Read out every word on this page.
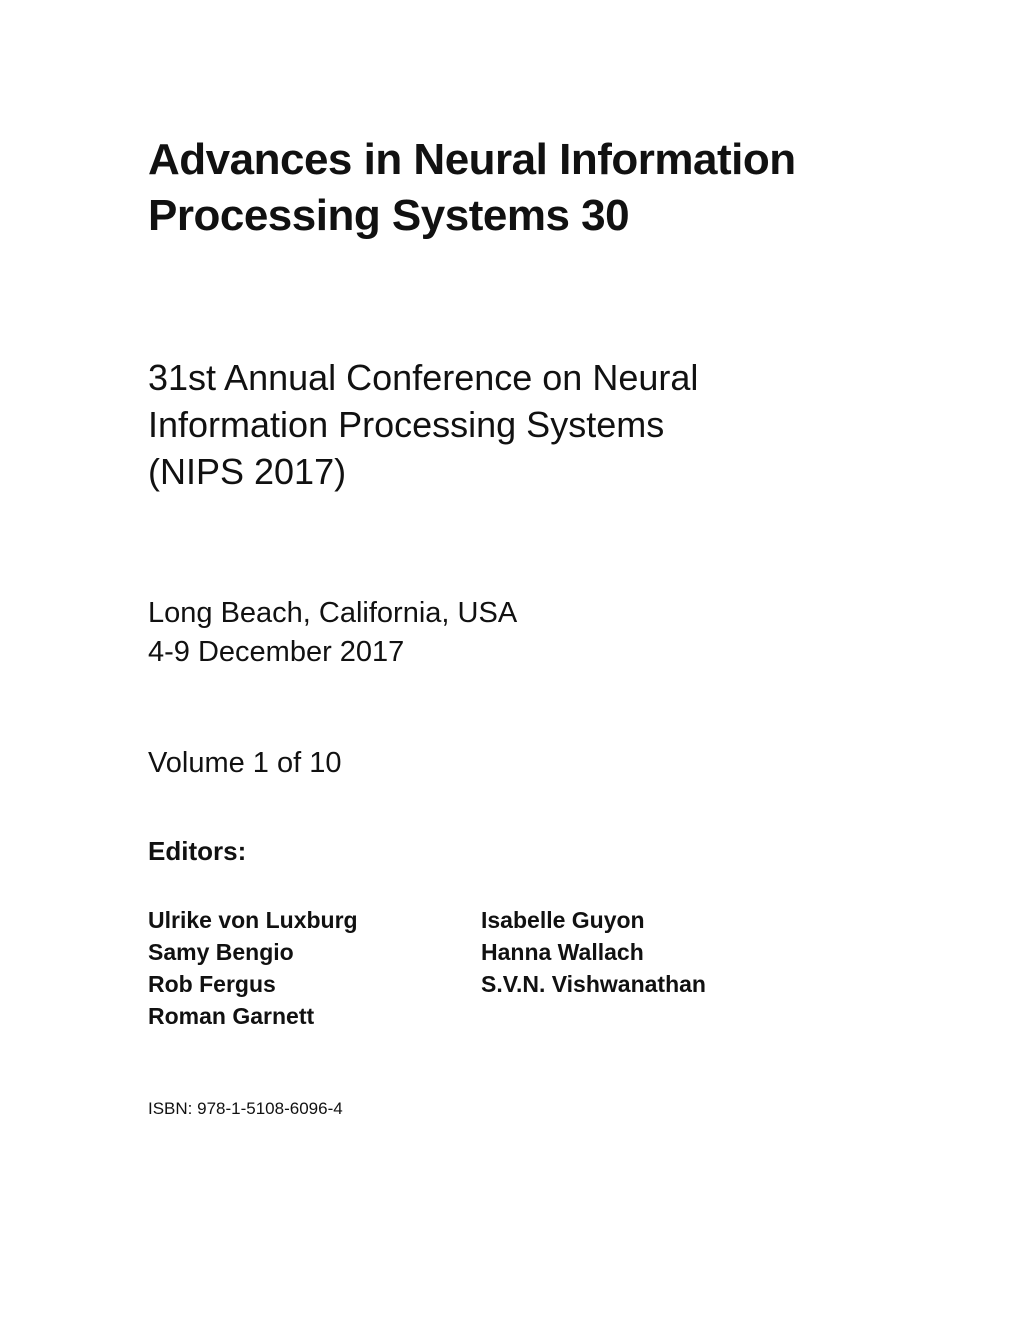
Advances in Neural Information
Processing Systems 30
31st Annual Conference on Neural
Information Processing Systems
(NIPS 2017)
Long Beach, California, USA
4-9 December 2017
Volume 1 of 10
Editors:
Ulrike von Luxburg
Samy Bengio
Rob Fergus
Roman Garnett
Isabelle Guyon
Hanna Wallach
S.V.N. Vishwanathan
ISBN: 978-1-5108-6096-4
